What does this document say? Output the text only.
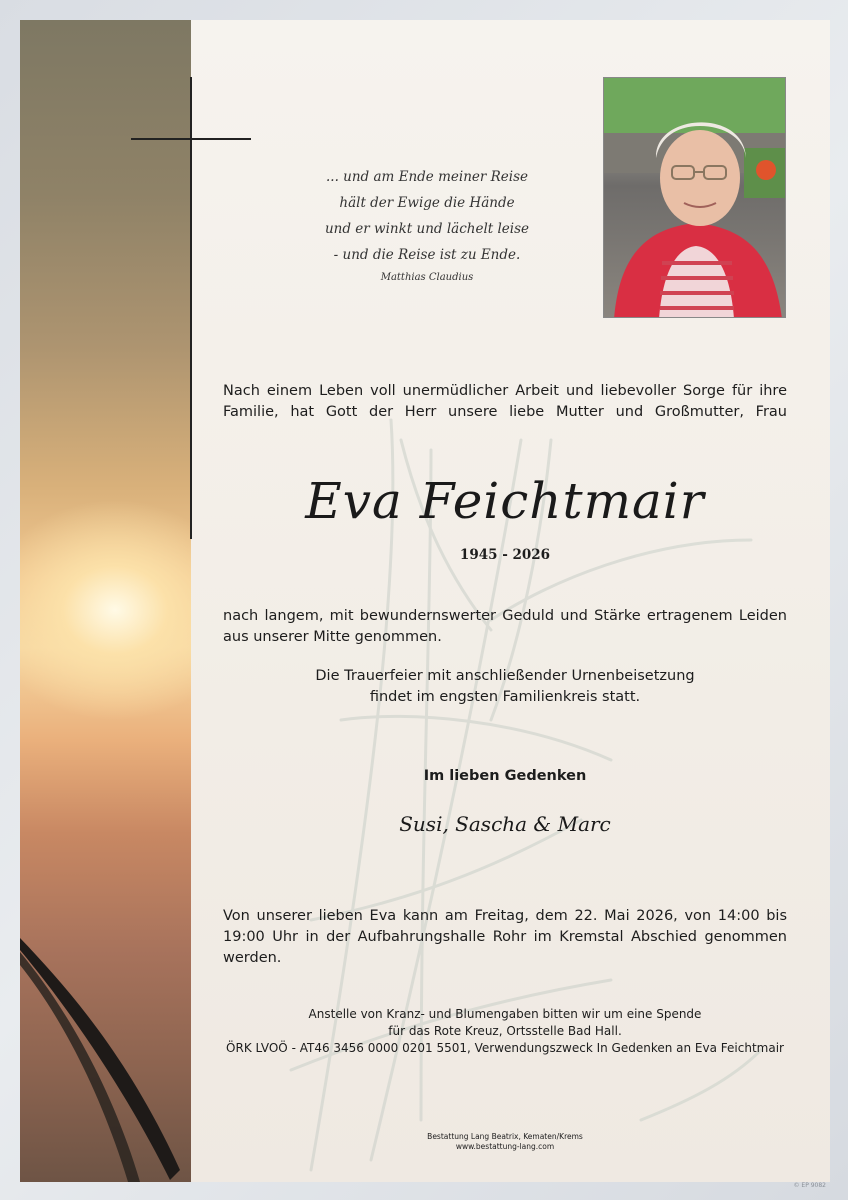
... und am Ende meiner Reise
hält der Ewige die Hände
und er winkt und lächelt leise
- und die Reise ist zu Ende.
Matthias Claudius
Nach einem Leben voll unermüdlicher Arbeit und liebevoller Sorge für ihre
Familie, hat Gott der Herr unsere liebe Mutter und Großmutter, Frau
Eva Feichtmair
1945 - 2026
nach langem, mit bewundernswerter Geduld und Stärke ertragenem Leiden
aus unserer Mitte genommen.
Die Trauerfeier mit anschließender Urnenbeisetzung
findet im engsten Familienkreis statt.
Im lieben Gedenken
Susi, Sascha & Marc
Von unserer lieben Eva kann am Freitag, dem 22. Mai 2026, von 14:00 bis
19:00 Uhr in der Aufbahrungshalle Rohr im Kremstal Abschied genommen
werden.
Anstelle von Kranz- und Blumengaben bitten wir um eine Spende
für das Rote Kreuz, Ortsstelle Bad Hall.
ÖRK LVOÖ - AT46 3456 0000 0201 5501, Verwendungszweck In Gedenken an Eva Feichtmair
Bestattung Lang Beatrix, Kematen/Krems
www.bestattung-lang.com
© EP 9082
